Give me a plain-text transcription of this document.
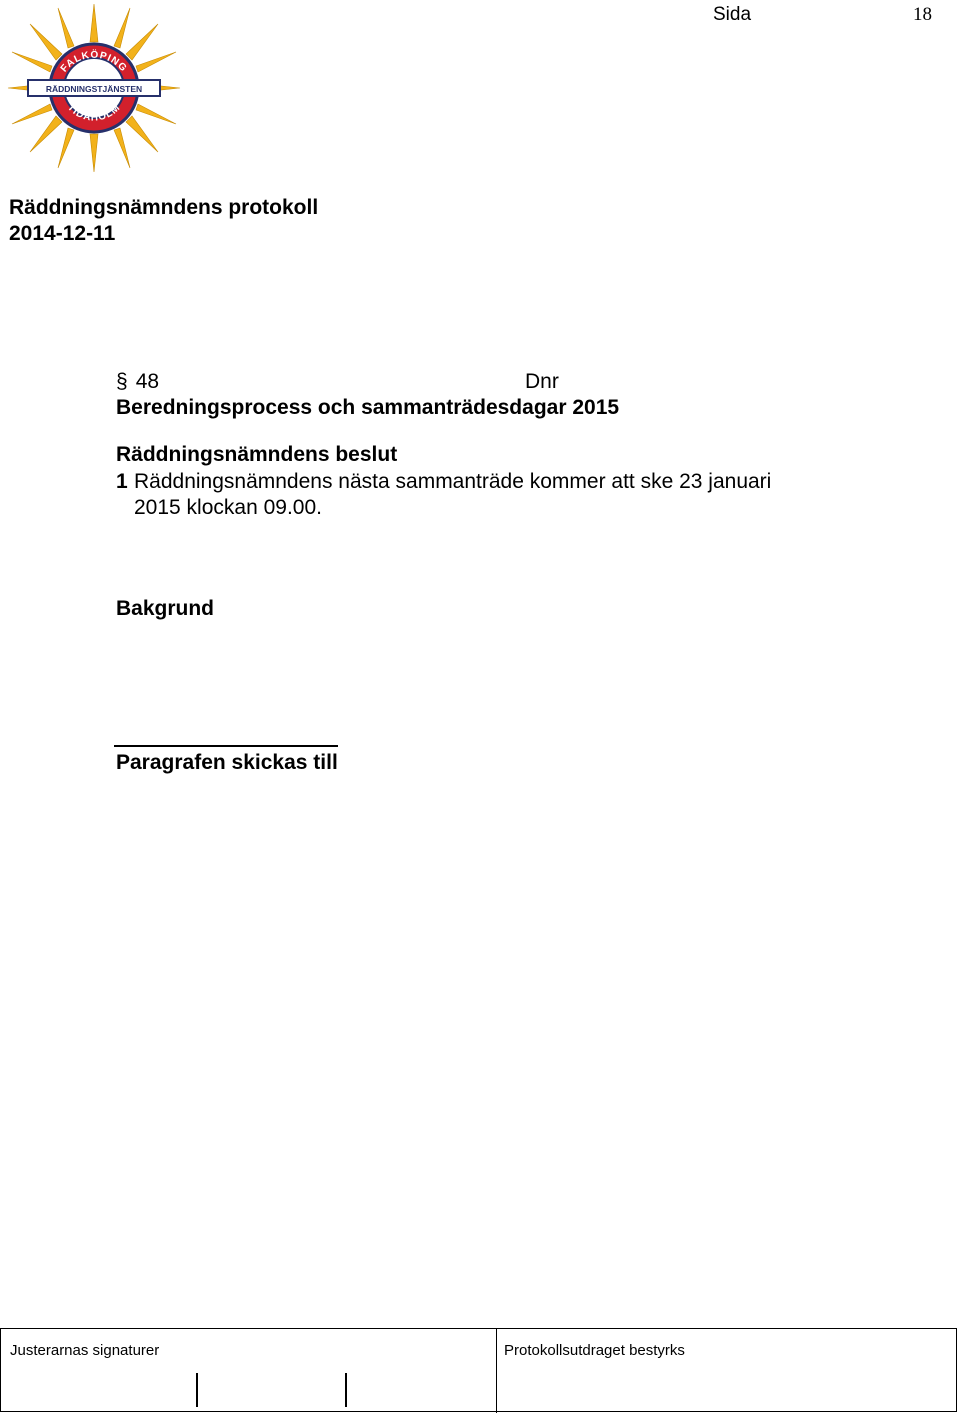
FALKÖPING
RÄDDNINGSTJÄNSTEN
TIDAHOLM
Sida	18
Räddningsnämndens protokoll
2014-12-11
§ 48	Dnr
Beredningsprocess och sammanträdesdagar 2015
Räddningsnämndens beslut
1 Räddningsnämndens nästa sammanträde kommer att ske 23 januari
2015 klockan 09.00.
Bakgrund
Paragrafen skickas till
Justerarnas signaturer	Protokollsutdraget bestyrks
